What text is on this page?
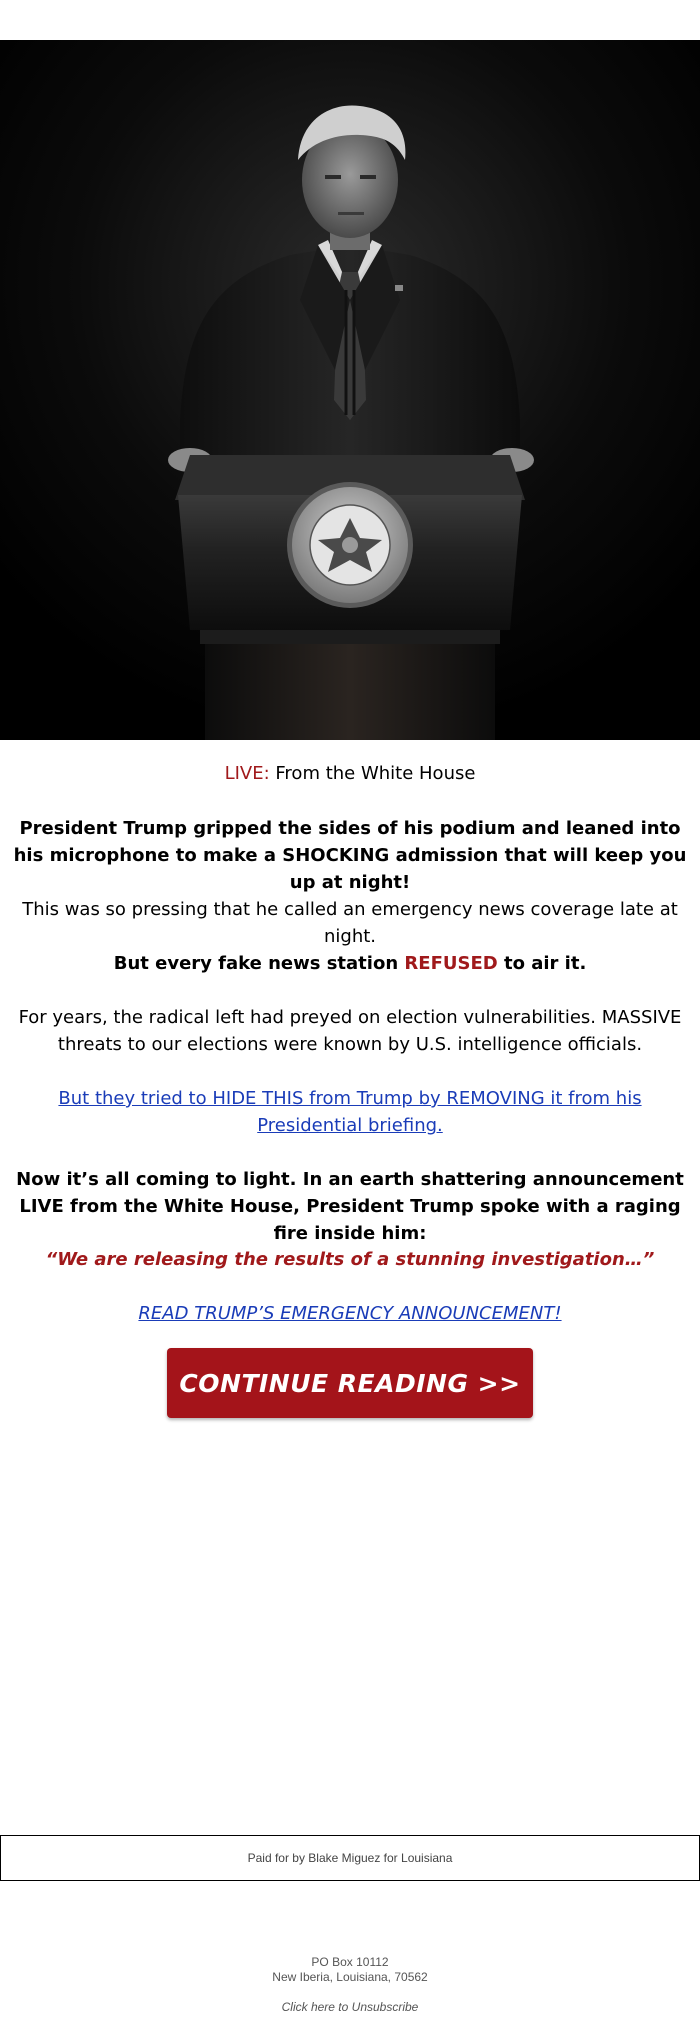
LIVE: From the White House

President Trump gripped the sides of his podium and leaned into his microphone to make a SHOCKING admission that will keep you up at night!

This was so pressing that he called an emergency news coverage late at night.

But every fake news station REFUSED to air it.

For years, the radical left had preyed on election vulnerabilities. MASSIVE threats to our elections were known by U.S. intelligence officials.

But they tried to HIDE THIS from Trump by REMOVING it from his Presidential briefing.

Now it’s all coming to light. In an earth shattering announcement LIVE from the White House, President Trump spoke with a raging fire inside him:

“We are releasing the results of a stunning investigation…”

READ TRUMP’S EMERGENCY ANNOUNCEMENT!

CONTINUE READING >>
Paid for by Blake Miguez for Louisiana
PO Box 10112
New Iberia, Louisiana, 70562
Click here to Unsubscribe
